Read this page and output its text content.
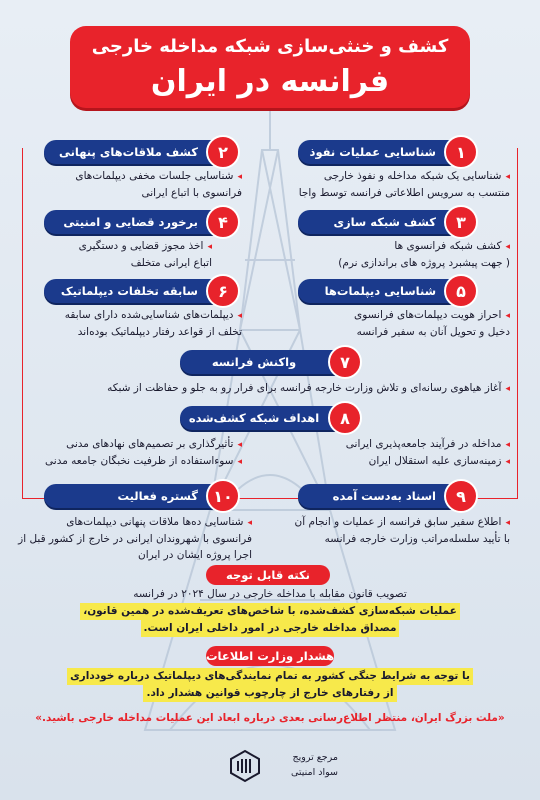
کشف و خنثی‌سازی شبکه مداخله خارجی
فرانسه در ایران
۱
شناسایی عملیات نفوذ
◂ شناسایی یک شبکه مداخله و نفوذ خارجی
منتسب به سرویس اطلاعاتی فرانسه توسط واجا
۲
کشف ملاقات‌های پنهانی
◂ شناسایی جلسات مخفی دیپلمات‌های
فرانسوی با اتباع ایرانی
۳
کشف شبکه سازی
◂ کشف شبکه فرانسوی ها
( جهت پیشبرد پروژه های براندازی نرم)
۴
برخورد قضایی و امنیتی
◂ اخذ مجوز قضایی و دستگیری
اتباع ایرانی متخلف
۵
شناسایی دیپلمات‌ها
◂ احراز هویت دیپلمات‌های فرانسوی
دخیل و تحویل آنان به سفیر فرانسه
۶
سابقه تخلفات دیپلماتیک
◂ دیپلمات‌های شناسایی‌شده دارای سابقه
تخلف از قواعد رفتار دیپلماتیک بوده‌اند
۷
واکنش فرانسه
◂ آغاز هیاهوی رسانه‌ای و تلاش وزارت خارجه فرانسه برای فرار رو به جلو و حفاظت از شبکه
۸
اهداف شبکه کشف‌شده
◂ مداخله در فرآیند جامعه‌پذیری ایرانی
◂ زمینه‌سازی علیه استقلال ایران
◂ تأثیرگذاری بر تصمیم‌های نهادهای مدنی
◂ سوءاستفاده از ظرفیت نخبگان جامعه مدنی
۹
اسناد به‌دست آمده
◂ اطلاع سفیر سابق فرانسه از عملیات و انجام آن
با تأیید سلسله‌مراتب وزارت خارجه فرانسه
۱۰
گستره فعالیت
◂ شناسایی ده‌ها ملاقات پنهانی دیپلمات‌های
فرانسوی با شهروندان ایرانی در خارج از کشور قبل از
اجرا پروژه ایشان در ایران
نکته قابل توجه
تصویب قانون مقابله با مداخله خارجی در سال ۲۰۲۴ در فرانسه
عملیات شبکه‌سازی کشف‌شده، با شاخص‌های تعریف‌شده در همین قانون،
مصداق مداخله خارجی در امور داخلی ایران است.
هشدار وزارت اطلاعات
با توجه به شرایط جنگی کشور به تمام نمایندگی‌های دیپلماتیک درباره خودداری
از رفتارهای خارج از چارچوب قوانین هشدار داد.
«ملت بزرگ ایران، منتظر اطلاع‌رسانی بعدی درباره ابعاد این عملیات مداخله خارجی باشید.»
مرجع ترویج
سواد امنیتی
